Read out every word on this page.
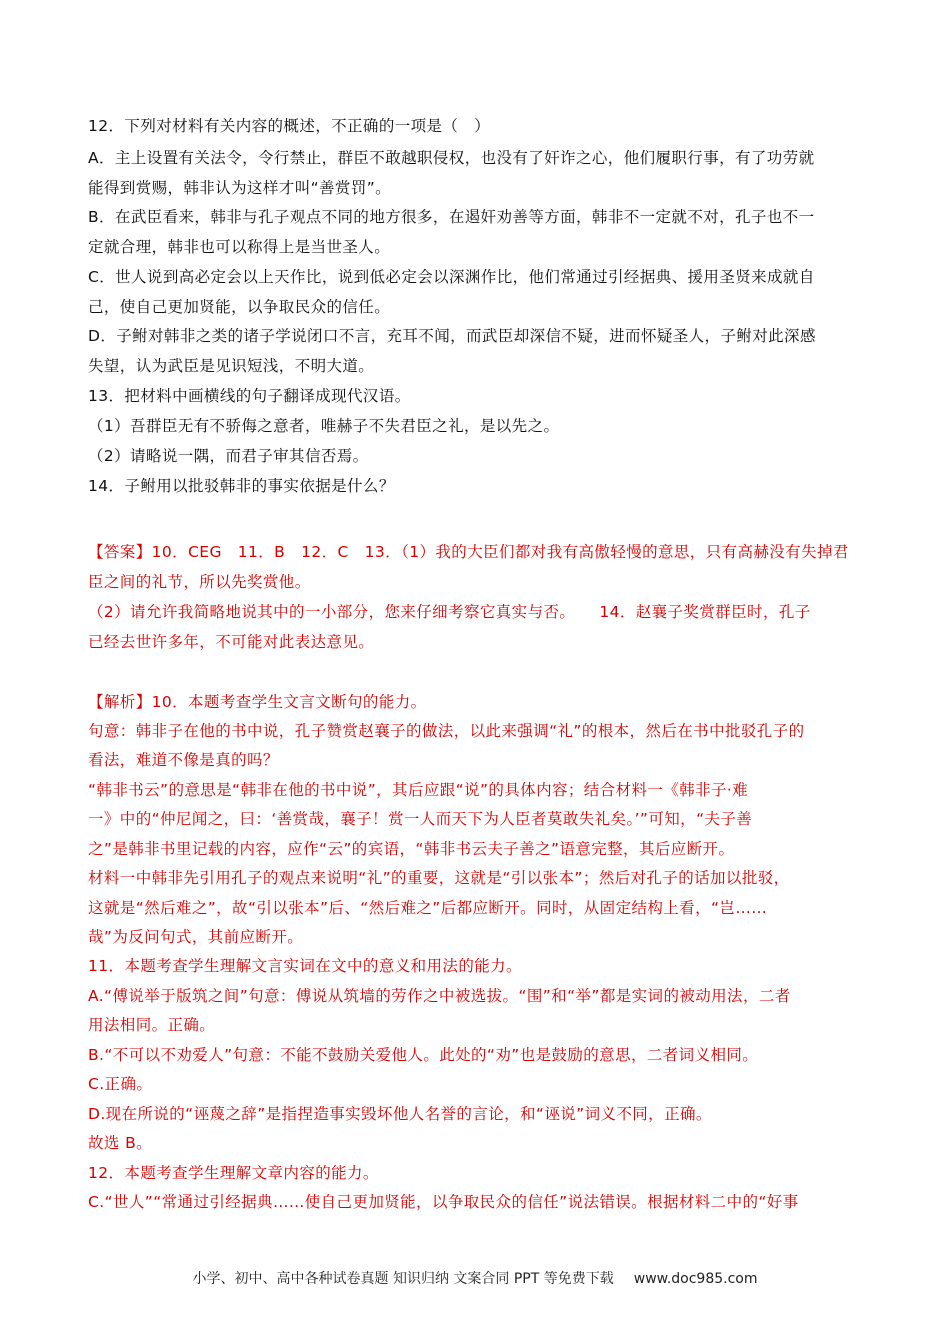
12．下列对材料有关内容的概述，不正确的一项是（　）
A．主上设置有关法令，令行禁止，群臣不敢越职侵权，也没有了奸诈之心，他们履职行事，有了功劳就
能得到赏赐，韩非认为这样才叫“善赏罚”。
B．在武臣看来，韩非与孔子观点不同的地方很多，在遏奸劝善等方面，韩非不一定就不对，孔子也不一
定就合理，韩非也可以称得上是当世圣人。
C．世人说到高必定会以上天作比，说到低必定会以深渊作比，他们常通过引经据典、援用圣贤来成就自
己，使自己更加贤能，以争取民众的信任。
D．子鲋对韩非之类的诸子学说闭口不言，充耳不闻，而武臣却深信不疑，进而怀疑圣人，子鲋对此深感
失望，认为武臣是见识短浅，不明大道。
13．把材料中画横线的句子翻译成现代汉语。
（1）吾群臣无有不骄侮之意者，唯赫子不失君臣之礼，是以先之。
（2）请略说一隅，而君子审其信否焉。
14．子鲋用以批驳韩非的事实依据是什么？
【答案】10．CEG　11．B　12．C　13．（1）我的大臣们都对我有高傲轻慢的意思，只有高赫没有失掉君
臣之间的礼节，所以先奖赏他。
（2）请允许我简略地说其中的一小部分，您来仔细考察它真实与否。　　14．赵襄子奖赏群臣时，孔子
已经去世许多年，不可能对此表达意见。
【解析】10．本题考查学生文言文断句的能力。
句意：韩非子在他的书中说，孔子赞赏赵襄子的做法，以此来强调“礼”的根本，然后在书中批驳孔子的
看法，难道不像是真的吗？
“韩非书云”的意思是“韩非在他的书中说”，其后应跟“说”的具体内容；结合材料一《韩非子·难
一》中的“仲尼闻之，曰：‘善赏哉，襄子！赏一人而天下为人臣者莫敢失礼矣。’”可知，“夫子善
之”是韩非书里记载的内容，应作“云”的宾语，“韩非书云夫子善之”语意完整，其后应断开。
材料一中韩非先引用孔子的观点来说明“礼”的重要，这就是“引以张本”；然后对孔子的话加以批驳，
这就是“然后难之”，故“引以张本”后、“然后难之”后都应断开。同时，从固定结构上看，“岂……
哉”为反问句式，其前应断开。
11．本题考查学生理解文言实词在文中的意义和用法的能力。
A.“傅说举于版筑之间”句意：傅说从筑墙的劳作之中被选拔。“围”和“举”都是实词的被动用法，二者
用法相同。正确。
B.“不可以不劝爱人”句意：不能不鼓励关爱他人。此处的“劝”也是鼓励的意思，二者词义相同。
C.正确。
D.现在所说的“诬蔑之辞”是指捏造事实毁坏他人名誉的言论，和“诬说”词义不同，正确。
故选 B。
12．本题考查学生理解文章内容的能力。
C.“世人”“常通过引经据典……使自己更加贤能，以争取民众的信任”说法错误。根据材料二中的“好事
小学、初中、高中各种试卷真题 知识归纳 文案合同 PPT 等免费下载 www.doc985.com
